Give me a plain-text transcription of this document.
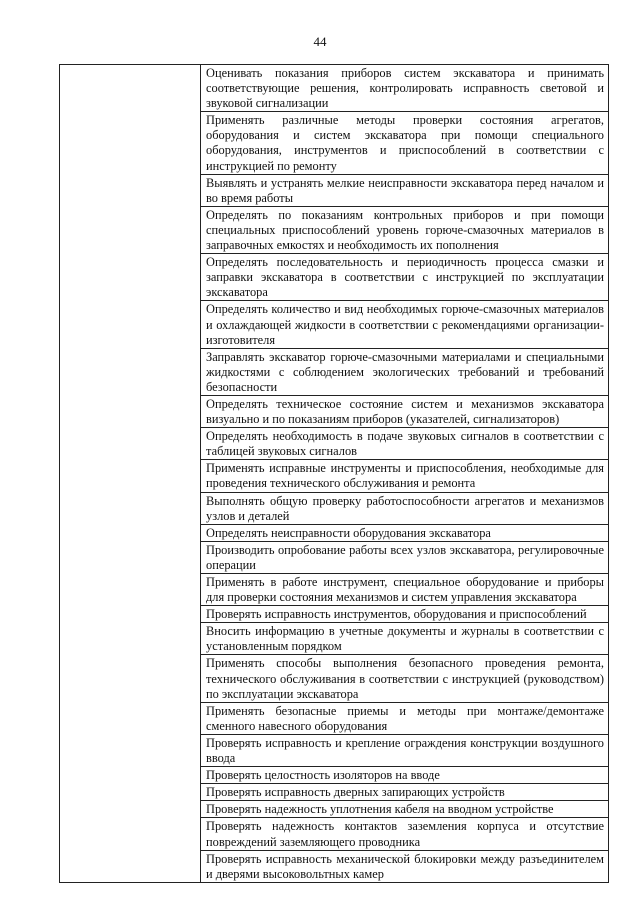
44

Оценивать показания приборов систем экскаватора и принимать соответствующие решения, контролировать исправность световой и звуковой сигнализации

Применять различные методы проверки состояния агрегатов, оборудования и систем экскаватора при помощи специального оборудования, инструментов и приспособлений в соответствии с инструкцией по ремонту

Выявлять и устранять мелкие неисправности экскаватора перед началом и во время работы

Определять по показаниям контрольных приборов и при помощи специальных приспособлений уровень горюче-смазочных материалов в заправочных емкостях и необходимость их пополнения

Определять последовательность и периодичность процесса смазки и заправки экскаватора в соответствии с инструкцией по эксплуатации экскаватора

Определять количество и вид необходимых горюче-смазочных материалов и охлаждающей жидкости в соответствии с рекомендациями организации-изготовителя

Заправлять экскаватор горюче-смазочными материалами и специальными жидкостями с соблюдением экологических требований и требований безопасности

Определять техническое состояние систем и механизмов экскаватора визуально и по показаниям приборов (указателей, сигнализаторов)

Определять необходимость в подаче звуковых сигналов в соответствии с таблицей звуковых сигналов

Применять исправные инструменты и приспособления, необходимые для проведения технического обслуживания и ремонта

Выполнять общую проверку работоспособности агрегатов и механизмов узлов и деталей

Определять неисправности оборудования экскаватора

Производить опробование работы всех узлов экскаватора, регулировочные операции

Применять в работе инструмент, специальное оборудование и приборы для проверки состояния механизмов и систем управления экскаватора

Проверять исправность инструментов, оборудования и приспособлений

Вносить информацию в учетные документы и журналы в соответствии с установленным порядком

Применять способы выполнения безопасного проведения ремонта, технического обслуживания в соответствии с инструкцией (руководством) по эксплуатации экскаватора

Применять безопасные приемы и методы при монтаже/демонтаже сменного навесного оборудования

Проверять исправность и крепление ограждения конструкции воздушного ввода

Проверять целостность изоляторов на вводе

Проверять исправность дверных запирающих устройств

Проверять надежность уплотнения кабеля на вводном устройстве

Проверять надежность контактов заземления корпуса и отсутствие повреждений заземляющего проводника

Проверять исправность механической блокировки между разъединителем и дверями высоковольтных камер
